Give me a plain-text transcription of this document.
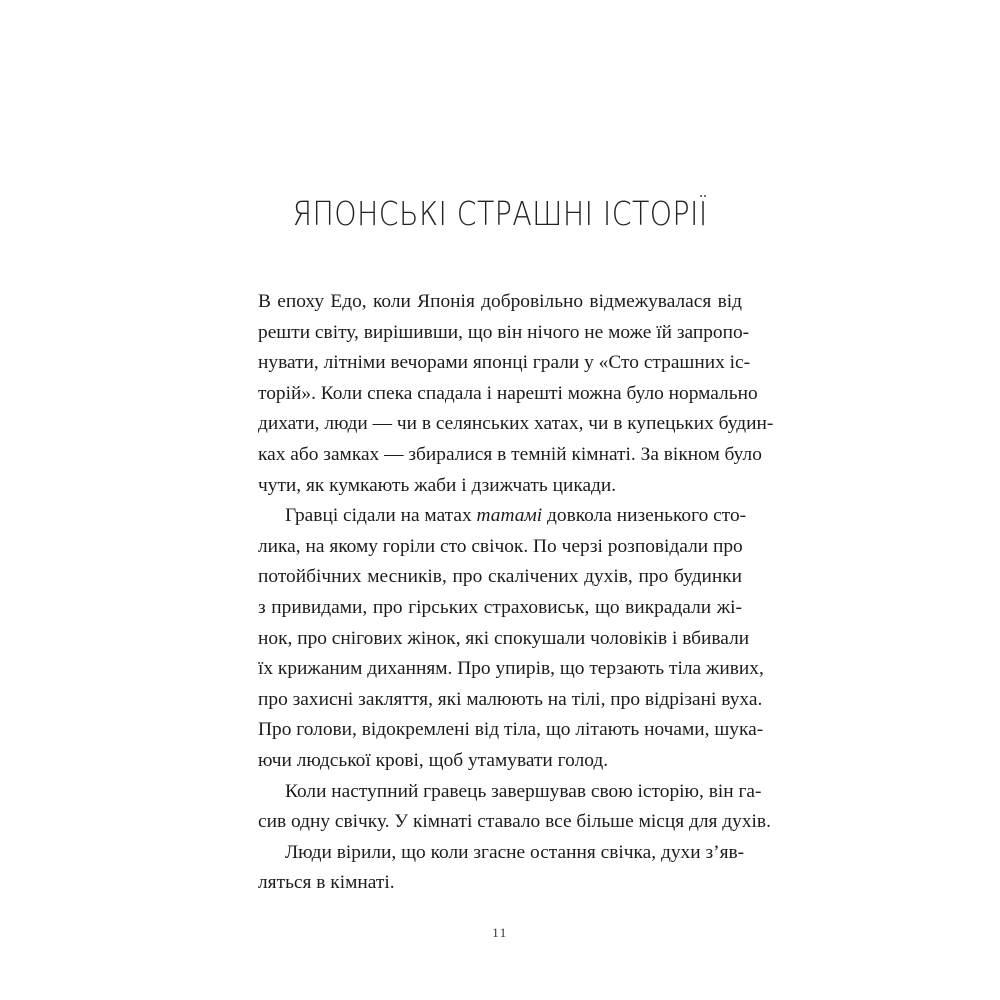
ЯПОНСЬКІ СТРАШНІ ІСТОРІЇ
В епоху Едо, коли Японія добровільно відмежувалася від
решти світу, вирішивши, що він нічого не може їй запропо-
нувати, літніми вечорами японці грали у «Сто страшних іс-
торій». Коли спека спадала і нарешті можна було нормально
дихати, люди — чи в селянських хатах, чи в купецьких будин-
ках або замках — збиралися в темній кімнаті. За вікном було
чути, як кумкають жаби і дзижчать цикади.
Гравці сідали на матах татамі довкола низенького сто-
лика, на якому горіли сто свічок. По черзі розповідали про
потойбічних месників, про скалічених духів, про будинки
з привидами, про гірських страховиськ, що викрадали жі-
нок, про снігових жінок, які спокушали чоловіків і вбивали
їх крижаним диханням. Про упирів, що терзають тіла живих,
про захисні закляття, які малюють на тілі, про відрізані вуха.
Про голови, відокремлені від тіла, що літають ночами, шука-
ючи людської крові, щоб утамувати голод.
Коли наступний гравець завершував свою історію, він га-
сив одну свічку. У кімнаті ставало все більше місця для духів.
Люди вірили, що коли згасне остання свічка, духи з’яв-
ляться в кімнаті.
11
